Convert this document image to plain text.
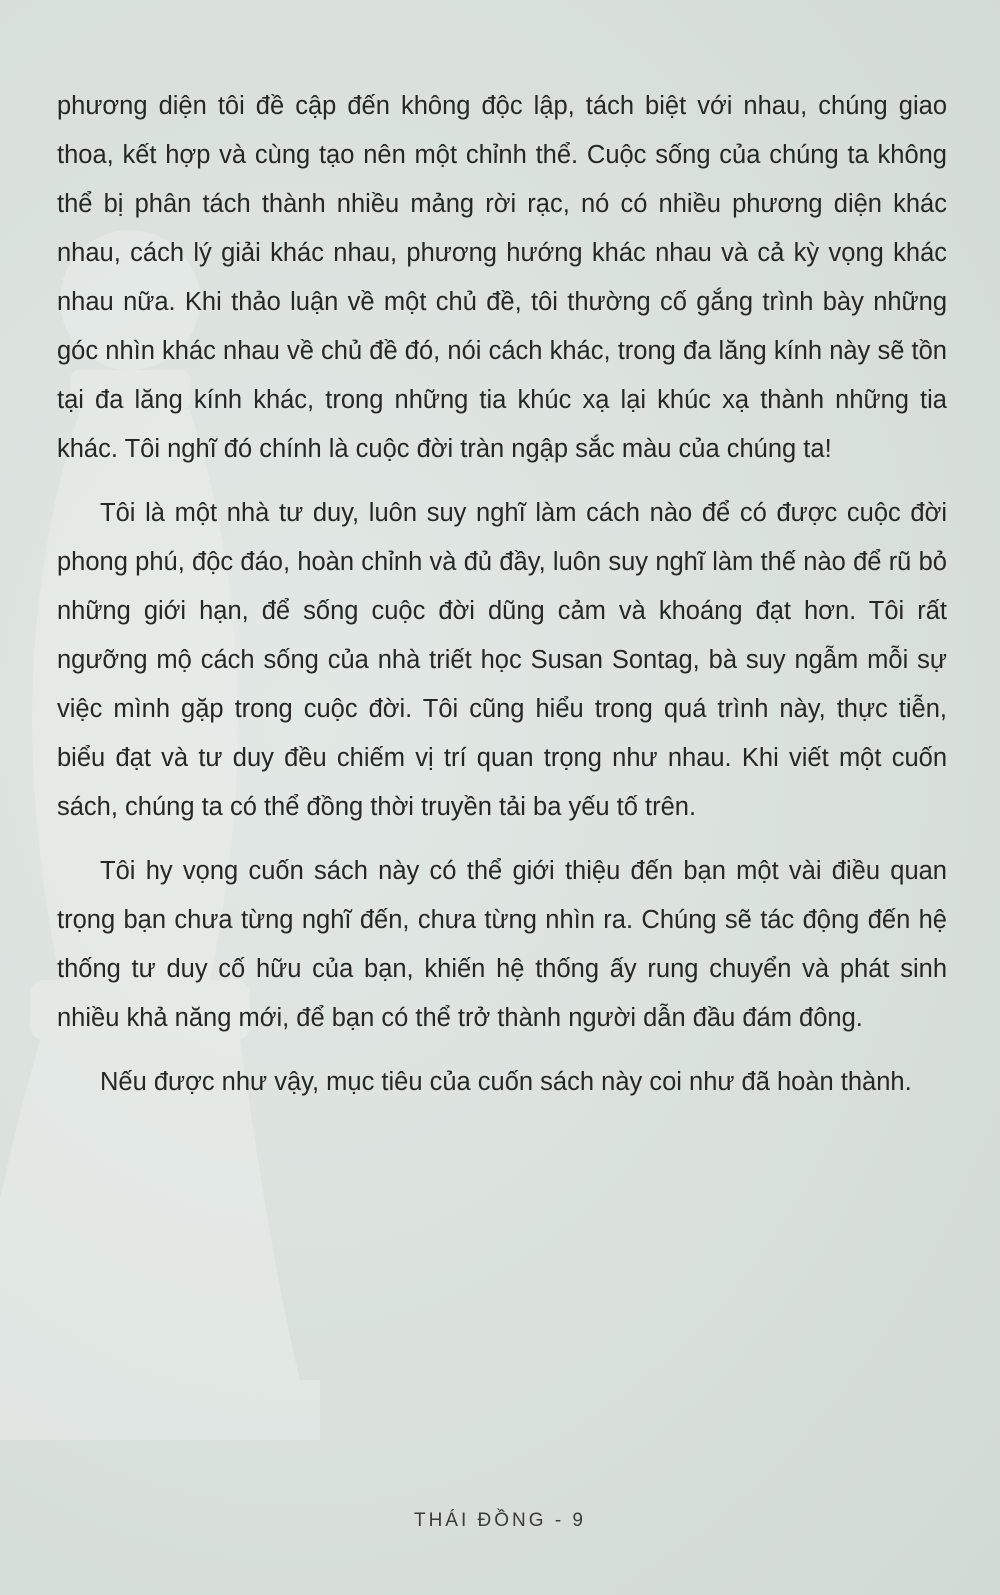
phương diện tôi đề cập đến không độc lập, tách biệt với nhau, chúng giao thoa, kết hợp và cùng tạo nên một chỉnh thể. Cuộc sống của chúng ta không thể bị phân tách thành nhiều mảng rời rạc, nó có nhiều phương diện khác nhau, cách lý giải khác nhau, phương hướng khác nhau và cả kỳ vọng khác nhau nữa. Khi thảo luận về một chủ đề, tôi thường cố gắng trình bày những góc nhìn khác nhau về chủ đề đó, nói cách khác, trong đa lăng kính này sẽ tồn tại đa lăng kính khác, trong những tia khúc xạ lại khúc xạ thành những tia khác. Tôi nghĩ đó chính là cuộc đời tràn ngập sắc màu của chúng ta!

Tôi là một nhà tư duy, luôn suy nghĩ làm cách nào để có được cuộc đời phong phú, độc đáo, hoàn chỉnh và đủ đầy, luôn suy nghĩ làm thế nào để rũ bỏ những giới hạn, để sống cuộc đời dũng cảm và khoáng đạt hơn. Tôi rất ngưỡng mộ cách sống của nhà triết học Susan Sontag, bà suy ngẫm mỗi sự việc mình gặp trong cuộc đời. Tôi cũng hiểu trong quá trình này, thực tiễn, biểu đạt và tư duy đều chiếm vị trí quan trọng như nhau. Khi viết một cuốn sách, chúng ta có thể đồng thời truyền tải ba yếu tố trên.

Tôi hy vọng cuốn sách này có thể giới thiệu đến bạn một vài điều quan trọng bạn chưa từng nghĩ đến, chưa từng nhìn ra. Chúng sẽ tác động đến hệ thống tư duy cố hữu của bạn, khiến hệ thống ấy rung chuyển và phát sinh nhiều khả năng mới, để bạn có thể trở thành người dẫn đầu đám đông.

Nếu được như vậy, mục tiêu của cuốn sách này coi như đã hoàn thành.

THÁI ĐỒNG - 9
